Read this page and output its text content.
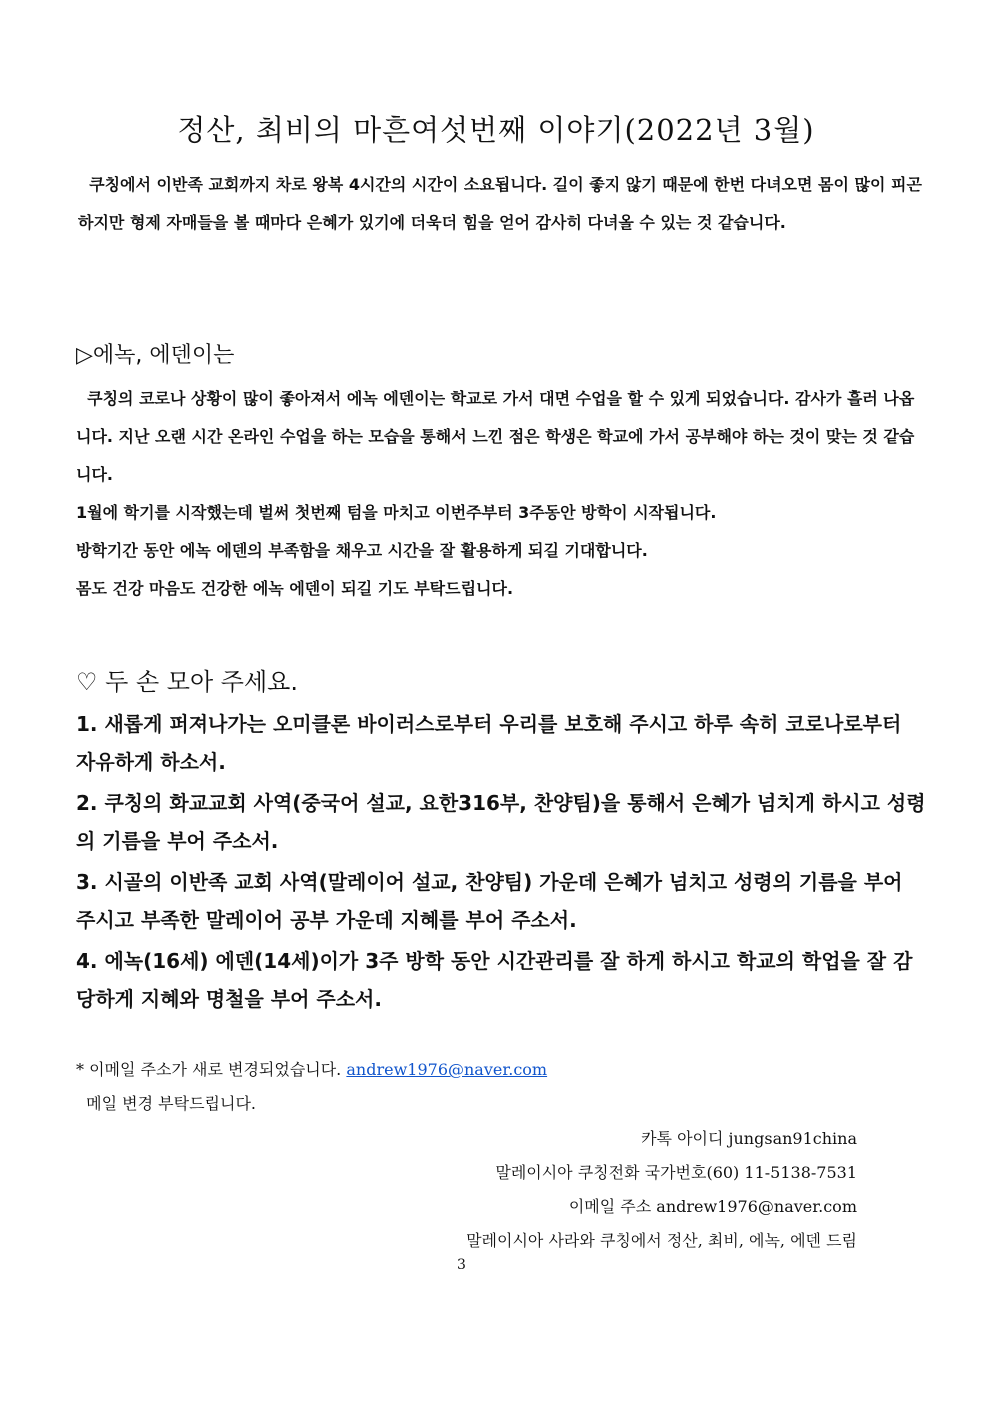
정산, 최비의 마흔여섯번째 이야기(2022년 3월)
쿠칭에서 이반족 교회까지 차로 왕복 4시간의 시간이 소요됩니다. 길이 좋지 않기 때문에 한번 다녀오면 몸이 많이 피곤하지만 형제 자매들을 볼 때마다 은혜가 있기에 더욱더 힘을 얻어 감사히 다녀올 수 있는 것 같습니다.
▷에녹, 에덴이는

쿠칭의 코로나 상황이 많이 좋아져서 에녹 에덴이는 학교로 가서 대면 수업을 할 수 있게 되었습니다. 감사가 흘러 나옵니다. 지난 오랜 시간 온라인 수업을 하는 모습을 통해서 느낀 점은 학생은 학교에 가서 공부해야 하는 것이 맞는 것 같습니다.

1월에 학기를 시작했는데 벌써 첫번째 텀을 마치고 이번주부터 3주동안 방학이 시작됩니다.

방학기간 동안 에녹 에덴의 부족함을 채우고 시간을 잘 활용하게 되길 기대합니다.

몸도 건강 마음도 건강한 에녹 에덴이 되길 기도 부탁드립니다.

♡ 두 손 모아 주세요.

1. 새롭게 퍼져나가는 오미클론 바이러스로부터 우리를 보호해 주시고 하루 속히 코로나로부터 자유하게 하소서.

2. 쿠칭의 화교교회 사역(중국어 설교, 요한316부, 찬양팀)을 통해서 은혜가 넘치게 하시고 성령의 기름을 부어 주소서.

3. 시골의 이반족 교회 사역(말레이어 설교, 찬양팀) 가운데 은혜가 넘치고 성령의 기름을 부어 주시고 부족한 말레이어 공부 가운데 지혜를 부어 주소서.

4. 에녹(16세) 에덴(14세)이가 3주 방학 동안 시간관리를 잘 하게 하시고 학교의 학업을 잘 감당하게 지혜와 명철을 부어 주소서.

* 이메일 주소가 새로 변경되었습니다. andrew1976@naver.com
메일 변경 부탁드립니다.
카톡 아이디 jungsan91china
말레이시아 쿠칭전화 국가번호(60) 11-5138-7531
이메일 주소 andrew1976@naver.com
말레이시아 사라와 쿠칭에서 정산, 최비, 에녹, 에덴 드림
3
